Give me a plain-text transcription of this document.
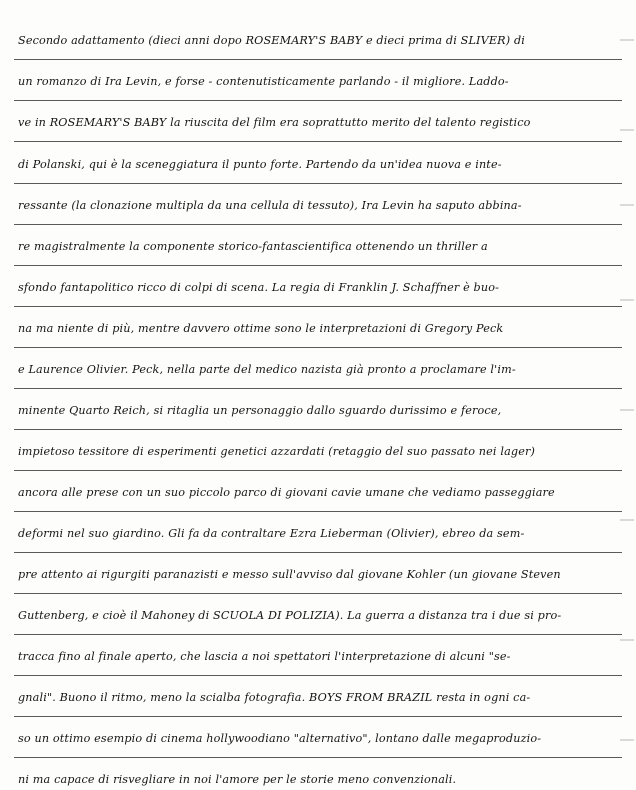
Secondo adattamento (dieci anni dopo ROSEMARY'S BABY e dieci prima di SLIVER) di
un romanzo di Ira Levin, e forse - contenutisticamente parlando - il migliore. Laddo-
ve in ROSEMARY'S BABY la riuscita del film era soprattutto merito del talento registico
di Polanski, qui è la sceneggiatura il punto forte. Partendo da un'idea nuova e inte-
ressante (la clonazione multipla da una cellula di tessuto), Ira Levin ha saputo abbina-
re magistralmente la componente storico-fantascientifica ottenendo un thriller a
sfondo fantapolitico ricco di colpi di scena. La regia di Franklin J. Schaffner è buo-
na ma niente di più, mentre davvero ottime sono le interpretazioni di Gregory Peck
e Laurence Olivier. Peck, nella parte del medico nazista già pronto a proclamare l'im-
minente Quarto Reich, si ritaglia un personaggio dallo sguardo durissimo e feroce,
impietoso tessitore di esperimenti genetici azzardati (retaggio del suo passato nei lager)
ancora alle prese con un suo piccolo parco di giovani cavie umane che vediamo passeggiare
deformi nel suo giardino. Gli fa da contraltare Ezra Lieberman (Olivier), ebreo da sem-
pre attento ai rigurgiti paranazisti e messo sull'avviso dal giovane Kohler (un giovane Steven
Guttenberg, e cioè il Mahoney di SCUOLA DI POLIZIA). La guerra a distanza tra i due si pro-
tracca fino al finale aperto, che lascia a noi spettatori l'interpretazione di alcuni "se-
gnali". Buono il ritmo, meno la scialba fotografia. BOYS FROM BRAZIL resta in ogni ca-
so un ottimo esempio di cinema hollywoodiano "alternativo", lontano dalle megaproduzio-
ni ma capace di risvegliare in noi l'amore per le storie meno convenzionali.
